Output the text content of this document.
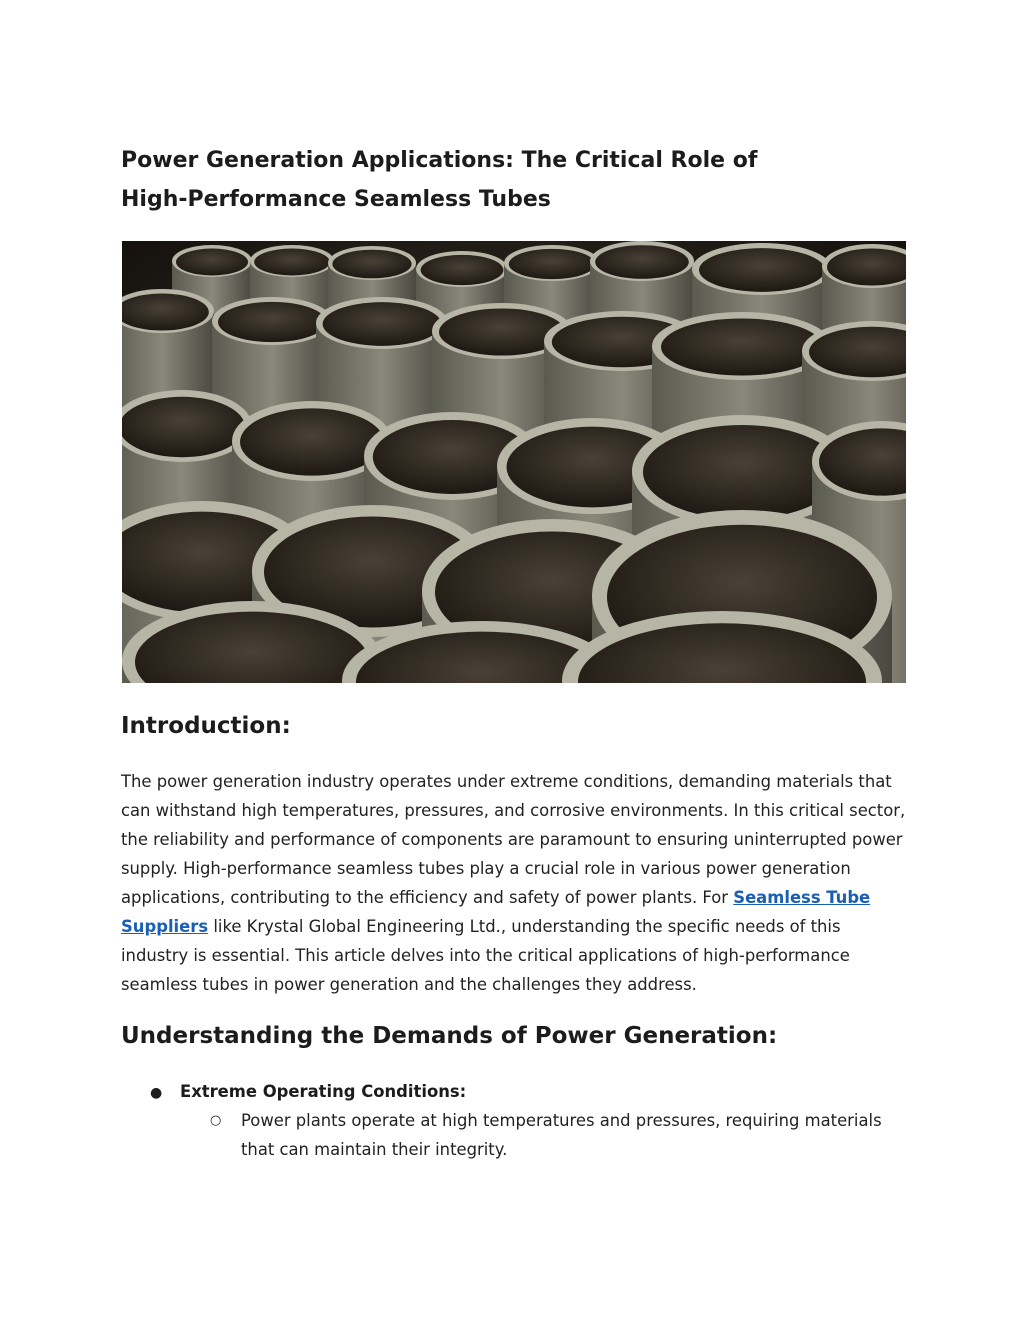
Power Generation Applications: The Critical Role of
High-Performance Seamless Tubes
Introduction:
The power generation industry operates under extreme conditions, demanding materials that
can withstand high temperatures, pressures, and corrosive environments. In this critical sector,
the reliability and performance of components are paramount to ensuring uninterrupted power
supply. High-performance seamless tubes play a crucial role in various power generation
applications, contributing to the efficiency and safety of power plants. For Seamless Tube
Suppliers like Krystal Global Engineering Ltd., understanding the specific needs of this
industry is essential. This article delves into the critical applications of high-performance
seamless tubes in power generation and the challenges they address.
Understanding the Demands of Power Generation:
● Extreme Operating Conditions:
○ Power plants operate at high temperatures and pressures, requiring materials
that can maintain their integrity.
